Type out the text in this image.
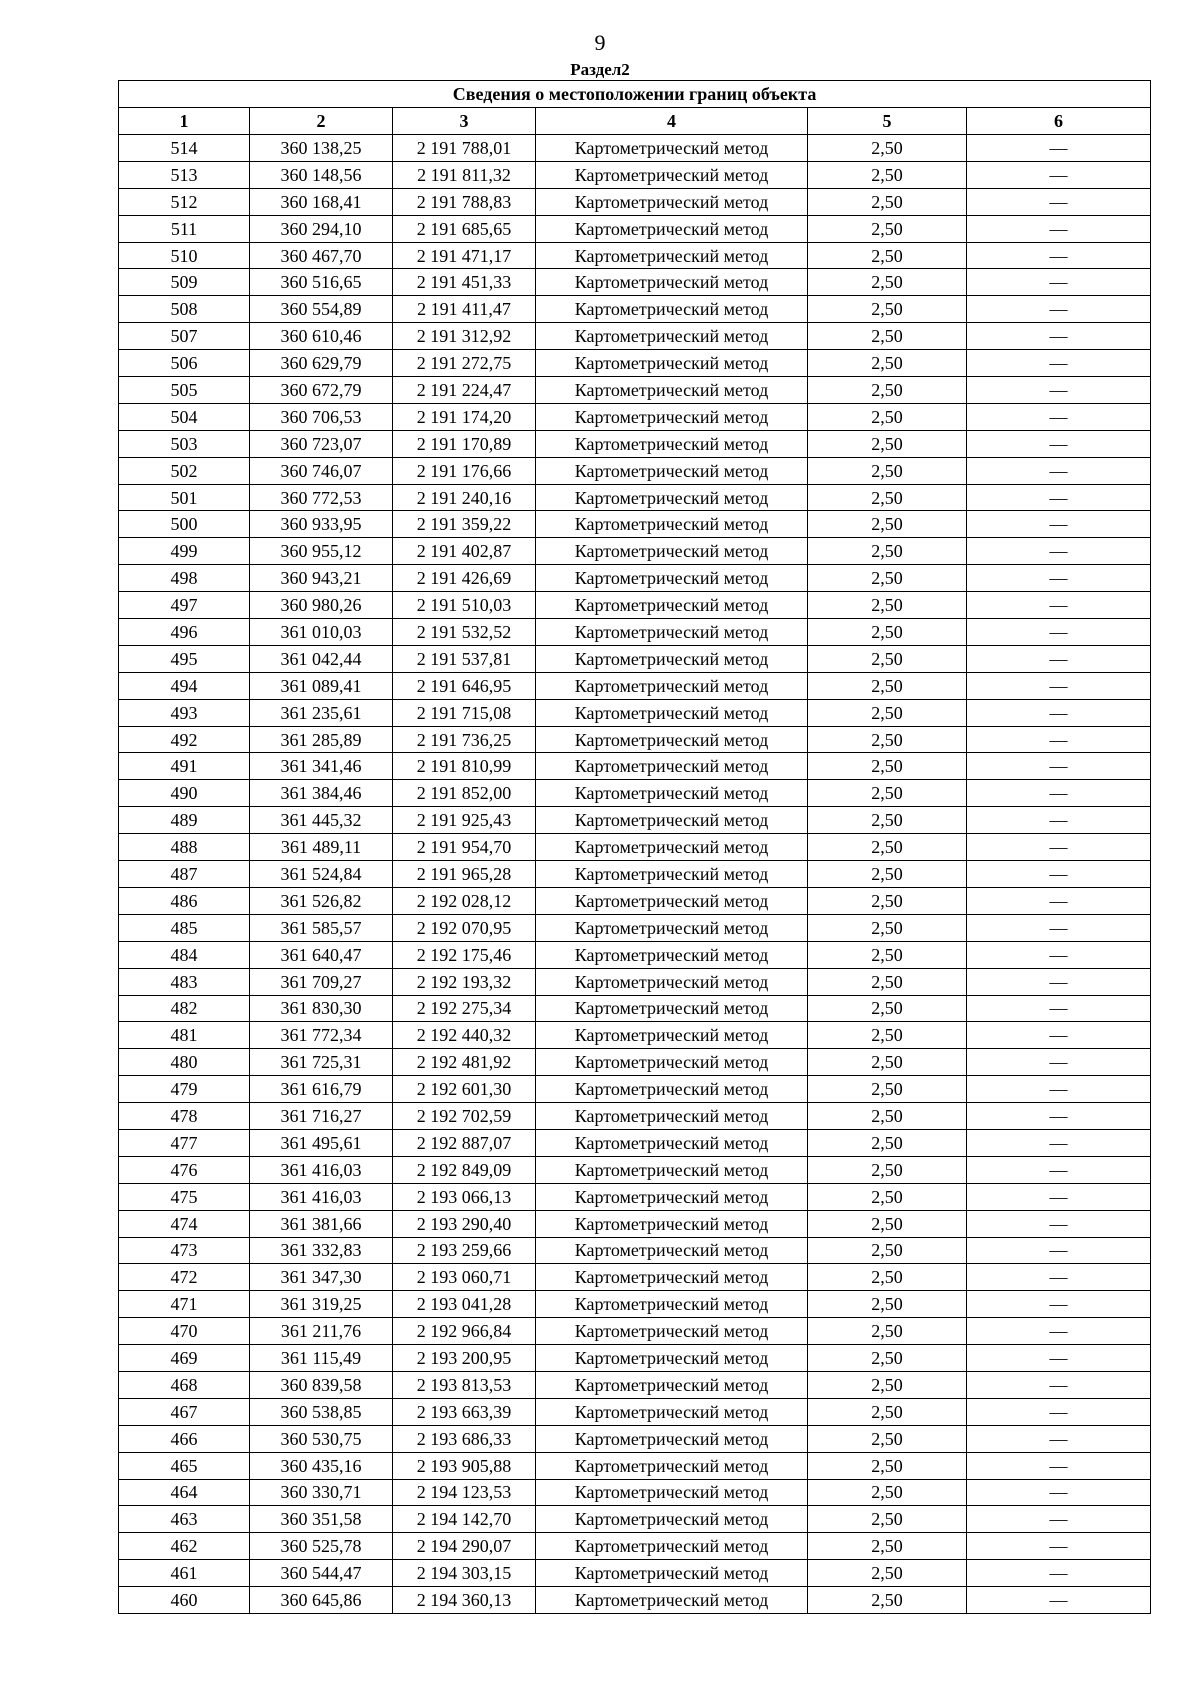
9
Раздел2
Сведения о местоположении границ объекта					
1	2	3	4	5	6
514	360 138,25	2 191 788,01	Картометрический метод	2,50	—
513	360 148,56	2 191 811,32	Картометрический метод	2,50	—
512	360 168,41	2 191 788,83	Картометрический метод	2,50	—
511	360 294,10	2 191 685,65	Картометрический метод	2,50	—
510	360 467,70	2 191 471,17	Картометрический метод	2,50	—
509	360 516,65	2 191 451,33	Картометрический метод	2,50	—
508	360 554,89	2 191 411,47	Картометрический метод	2,50	—
507	360 610,46	2 191 312,92	Картометрический метод	2,50	—
506	360 629,79	2 191 272,75	Картометрический метод	2,50	—
505	360 672,79	2 191 224,47	Картометрический метод	2,50	—
504	360 706,53	2 191 174,20	Картометрический метод	2,50	—
503	360 723,07	2 191 170,89	Картометрический метод	2,50	—
502	360 746,07	2 191 176,66	Картометрический метод	2,50	—
501	360 772,53	2 191 240,16	Картометрический метод	2,50	—
500	360 933,95	2 191 359,22	Картометрический метод	2,50	—
499	360 955,12	2 191 402,87	Картометрический метод	2,50	—
498	360 943,21	2 191 426,69	Картометрический метод	2,50	—
497	360 980,26	2 191 510,03	Картометрический метод	2,50	—
496	361 010,03	2 191 532,52	Картометрический метод	2,50	—
495	361 042,44	2 191 537,81	Картометрический метод	2,50	—
494	361 089,41	2 191 646,95	Картометрический метод	2,50	—
493	361 235,61	2 191 715,08	Картометрический метод	2,50	—
492	361 285,89	2 191 736,25	Картометрический метод	2,50	—
491	361 341,46	2 191 810,99	Картометрический метод	2,50	—
490	361 384,46	2 191 852,00	Картометрический метод	2,50	—
489	361 445,32	2 191 925,43	Картометрический метод	2,50	—
488	361 489,11	2 191 954,70	Картометрический метод	2,50	—
487	361 524,84	2 191 965,28	Картометрический метод	2,50	—
486	361 526,82	2 192 028,12	Картометрический метод	2,50	—
485	361 585,57	2 192 070,95	Картометрический метод	2,50	—
484	361 640,47	2 192 175,46	Картометрический метод	2,50	—
483	361 709,27	2 192 193,32	Картометрический метод	2,50	—
482	361 830,30	2 192 275,34	Картометрический метод	2,50	—
481	361 772,34	2 192 440,32	Картометрический метод	2,50	—
480	361 725,31	2 192 481,92	Картометрический метод	2,50	—
479	361 616,79	2 192 601,30	Картометрический метод	2,50	—
478	361 716,27	2 192 702,59	Картометрический метод	2,50	—
477	361 495,61	2 192 887,07	Картометрический метод	2,50	—
476	361 416,03	2 192 849,09	Картометрический метод	2,50	—
475	361 416,03	2 193 066,13	Картометрический метод	2,50	—
474	361 381,66	2 193 290,40	Картометрический метод	2,50	—
473	361 332,83	2 193 259,66	Картометрический метод	2,50	—
472	361 347,30	2 193 060,71	Картометрический метод	2,50	—
471	361 319,25	2 193 041,28	Картометрический метод	2,50	—
470	361 211,76	2 192 966,84	Картометрический метод	2,50	—
469	361 115,49	2 193 200,95	Картометрический метод	2,50	—
468	360 839,58	2 193 813,53	Картометрический метод	2,50	—
467	360 538,85	2 193 663,39	Картометрический метод	2,50	—
466	360 530,75	2 193 686,33	Картометрический метод	2,50	—
465	360 435,16	2 193 905,88	Картометрический метод	2,50	—
464	360 330,71	2 194 123,53	Картометрический метод	2,50	—
463	360 351,58	2 194 142,70	Картометрический метод	2,50	—
462	360 525,78	2 194 290,07	Картометрический метод	2,50	—
461	360 544,47	2 194 303,15	Картометрический метод	2,50	—
460	360 645,86	2 194 360,13	Картометрический метод	2,50	—
